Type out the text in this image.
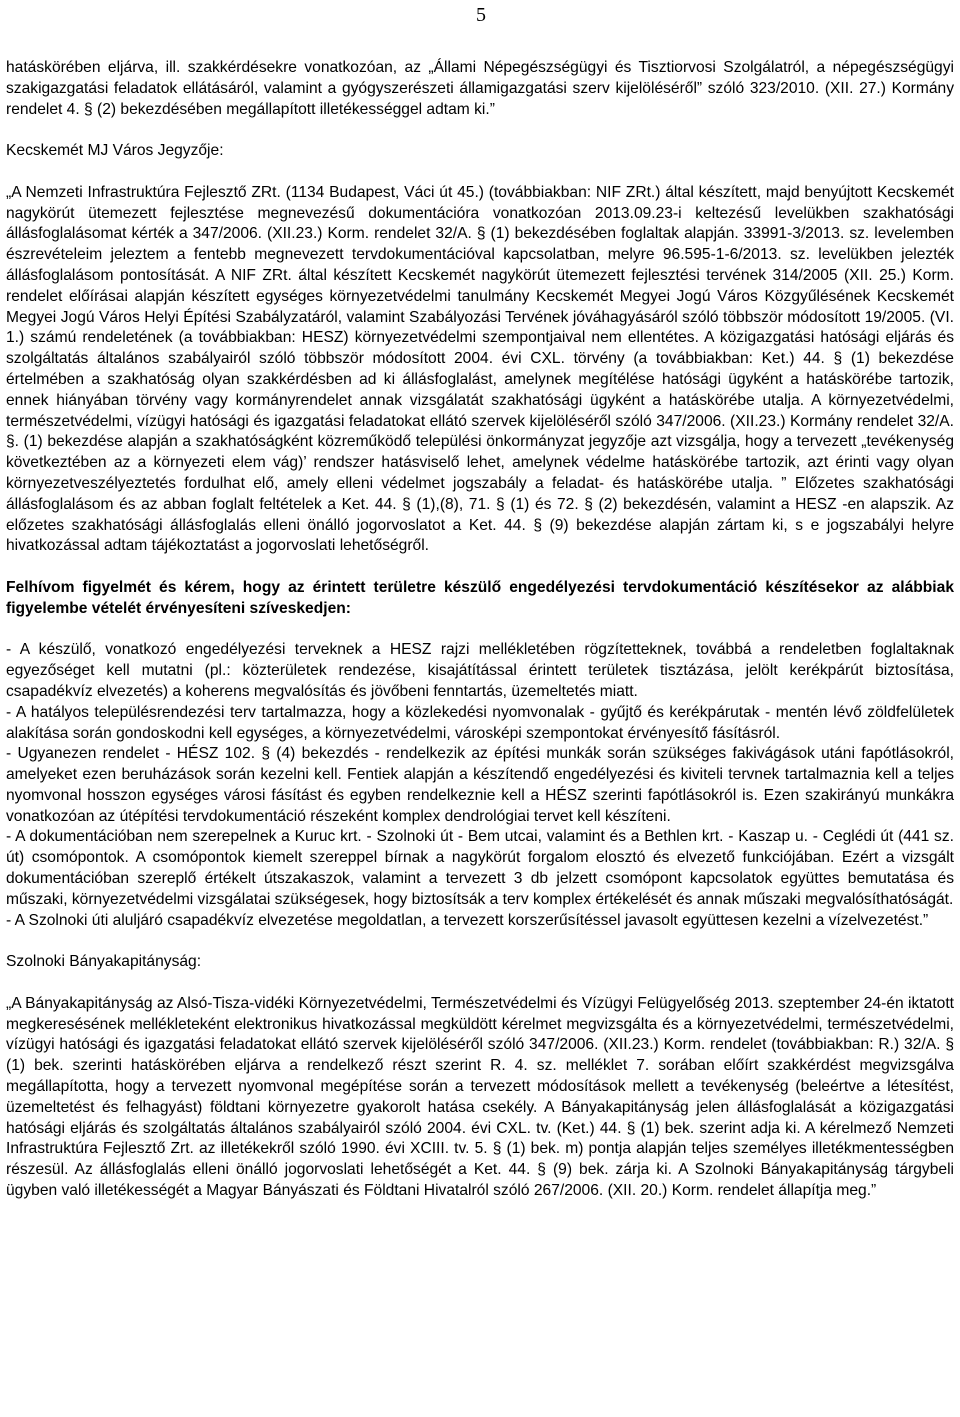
5

hatáskörében eljárva, ill. szakkérdésekre vonatkozóan, az „Állami Népegészségügyi és Tisztiorvosi Szolgálatról, a népegészségügyi szakigazgatási feladatok ellátásáról, valamint a gyógyszerészeti államigazgatási szerv kijelöléséről” szóló 323/2010. (XII. 27.) Kormány rendelet 4. § (2) bekezdésében megállapított illetékességgel adtam ki.”

Kecskemét MJ Város Jegyzője:

„A Nemzeti Infrastruktúra Fejlesztő ZRt. (1134 Budapest, Váci út 45.) (továbbiakban: NIF ZRt.) által készített, majd benyújtott Kecskemét nagykörút ütemezett fejlesztése megnevezésű dokumentációra vonatkozóan 2013.09.23-i keltezésű levelükben szakhatósági állásfoglalásomat kérték a 347/2006. (XII.23.) Korm. rendelet 32/A. § (1) bekezdésében foglaltak alapján. 33991-3/2013. sz. levelemben észrevételeim jeleztem a fentebb megnevezett tervdokumentációval kapcsolatban, melyre 96.595-1-6/2013. sz. levelükben jelezték állásfoglalásom pontosítását. A NIF ZRt. által készített Kecskemét nagykörút ütemezett fejlesztési tervének 314/2005 (XII. 25.) Korm. rendelet előírásai alapján készített egységes környezetvédelmi tanulmány Kecskemét Megyei Jogú Város Közgyűlésének Kecskemét Megyei Jogú Város Helyi Építési Szabályzatáról, valamint Szabályozási Tervének jóváhagyásáról szóló többször módosított 19/2005. (VI. 1.) számú rendeletének (a továbbiakban: HESZ) környezetvédelmi szempontjaival nem ellentétes. A közigazgatási hatósági eljárás és szolgáltatás általános szabályairól szóló többször módosított 2004. évi CXL. törvény (a továbbiakban: Ket.) 44. § (1) bekezdése értelmében a szakhatóság olyan szakkérdésben ad ki állásfoglalást, amelynek megítélése hatósági ügyként a hatáskörébe tartozik, ennek hiányában törvény vagy kormányrendelet annak vizsgálatát szakhatósági ügyként a hatáskörébe utalja. A környezetvédelmi, természetvédelmi, vízügyi hatósági és igazgatási feladatokat ellátó szervek kijelöléséről szóló 347/2006. (XII.23.) Kormány rendelet 32/A. §. (1) bekezdése alapján a szakhatóságként közreműködő települési önkormányzat jegyzője azt vizsgálja, hogy a tervezett „tevékenység következtében az a környezeti elem vág)’ rendszer hatásviselő lehet, amelynek védelme hatáskörébe tartozik, azt érinti vagy olyan környezetveszélyeztetés fordulhat elő, amely elleni védelmet jogszabály a feladat- és hatáskörébe utalja. ” Előzetes szakhatósági állásfoglalásom és az abban foglalt feltételek a Ket. 44. § (1),(8), 71. § (1) és 72. § (2) bekezdésén, valamint a HESZ -en alapszik. Az előzetes szakhatósági állásfoglalás elleni önálló jogorvoslatot a Ket. 44. § (9) bekezdése alapján zártam ki, s e jogszabályi helyre hivatkozással adtam tájékoztatást a jogorvoslati lehetőségről.

Felhívom figyelmét és kérem, hogy az érintett területre készülő engedélyezési tervdokumentáció készítésekor az alábbiak figyelembe vételét érvényesíteni szíveskedjen:

- A készülő, vonatkozó engedélyezési terveknek a HESZ rajzi mellékletében rögzítetteknek, továbbá a rendeletben foglaltaknak egyezőséget kell mutatni (pl.: közterületek rendezése, kisajátítással érintett területek tisztázása, jelölt kerékpárút biztosítása, csapadékvíz elvezetés) a koherens megvalósítás és jövőbeni fenntartás, üzemeltetés miatt.

- A hatályos településrendezési terv tartalmazza, hogy a közlekedési nyomvonalak - gyűjtő és kerékpárutak - mentén lévő zöldfelületek alakítása során gondoskodni kell egységes, a környezetvédelmi, városképi szempontokat érvényesítő fásításról.

- Ugyanezen rendelet - HÉSZ 102. § (4) bekezdés - rendelkezik az építési munkák során szükséges fakivágások utáni fapótlásokról, amelyeket ezen beruházások során kezelni kell. Fentiek alapján a készítendő engedélyezési és kiviteli tervnek tartalmaznia kell a teljes nyomvonal hosszon egységes városi fásítást és egyben rendelkeznie kell a HÉSZ szerinti fapótlásokról is. Ezen szakirányú munkákra vonatkozóan az útépítési tervdokumentáció részeként komplex dendrológiai tervet kell készíteni.

- A dokumentációban nem szerepelnek a Kuruc krt. - Szolnoki út - Bem utcai, valamint és a Bethlen krt. - Kaszap u. - Ceglédi út (441 sz. út) csomópontok. A csomópontok kiemelt szereppel bírnak a nagykörút forgalom elosztó és elvezető funkciójában. Ezért a vizsgált dokumentációban szereplő értékelt útszakaszok, valamint a tervezett 3 db jelzett csomópont kapcsolatok együttes bemutatása és műszaki, környezetvédelmi vizsgálatai szükségesek, hogy biztosítsák a terv komplex értékelését és annak műszaki megvalósíthatóságát.

- A Szolnoki úti aluljáró csapadékvíz elvezetése megoldatlan, a tervezett korszerűsítéssel javasolt együttesen kezelni a vízelvezetést.”

Szolnoki Bányakapitányság:

„A Bányakapitányság az Alsó-Tisza-vidéki Környezetvédelmi, Természetvédelmi és Vízügyi Felügyelőség 2013. szeptember 24-én iktatott megkeresésének mellékleteként elektronikus hivatkozással megküldött kérelmet megvizsgálta és a környezetvédelmi, természetvédelmi, vízügyi hatósági és igazgatási feladatokat ellátó szervek kijelöléséről szóló 347/2006. (XII.23.) Korm. rendelet (továbbiakban: R.) 32/A. § (1) bek. szerinti hatáskörében eljárva a rendelkező részt szerint R. 4. sz. melléklet 7. sorában előírt szakkérdést megvizsgálva megállapította, hogy a tervezett nyomvonal megépítése során a tervezett módosítások mellett a tevékenység (beleértve a létesítést, üzemeltetést és felhagyást) földtani környezetre gyakorolt hatása csekély. A Bányakapitányság jelen állásfoglalását a közigazgatási hatósági eljárás és szolgáltatás általános szabályairól szóló 2004. évi CXL. tv. (Ket.) 44. § (1) bek. szerint adja ki. A kérelmező Nemzeti Infrastruktúra Fejlesztő Zrt. az illetékekről szóló 1990. évi XCIII. tv. 5. § (1) bek. m) pontja alapján teljes személyes illetékmentességben részesül. Az állásfoglalás elleni önálló jogorvoslati lehetőségét a Ket. 44. § (9) bek. zárja ki. A Szolnoki Bányakapitányság tárgybeli ügyben való illetékességét a Magyar Bányászati és Földtani Hivatalról szóló 267/2006. (XII. 20.) Korm. rendelet állapítja meg.”
